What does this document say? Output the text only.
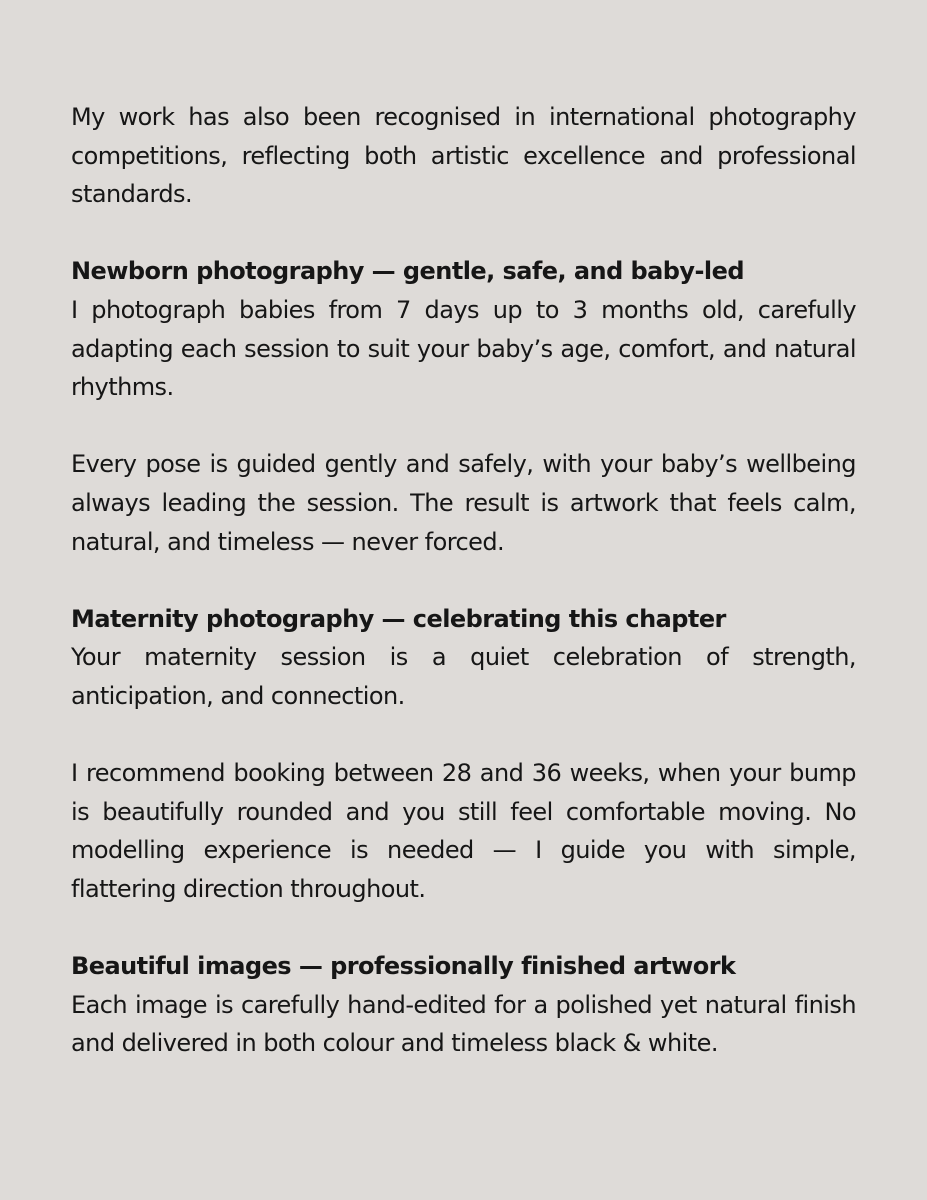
My work has also been recognised in international photography competitions, reflecting both artistic excellence and professional standards.

Newborn photography — gentle, safe, and baby-led

I photograph babies from 7 days up to 3 months old, carefully adapting each session to suit your baby’s age, comfort, and natural rhythms.

Every pose is guided gently and safely, with your baby’s wellbeing always leading the session. The result is artwork that feels calm, natural, and timeless — never forced.

Maternity photography — celebrating this chapter

Your maternity session is a quiet celebration of strength, anticipation, and connection.

I recommend booking between 28 and 36 weeks, when your bump is beautifully rounded and you still feel comfortable moving. No modelling experience is needed — I guide you with simple, flattering direction throughout.

Beautiful images — professionally finished artwork

Each image is carefully hand-edited for a polished yet natural finish and delivered in both colour and timeless black & white.
